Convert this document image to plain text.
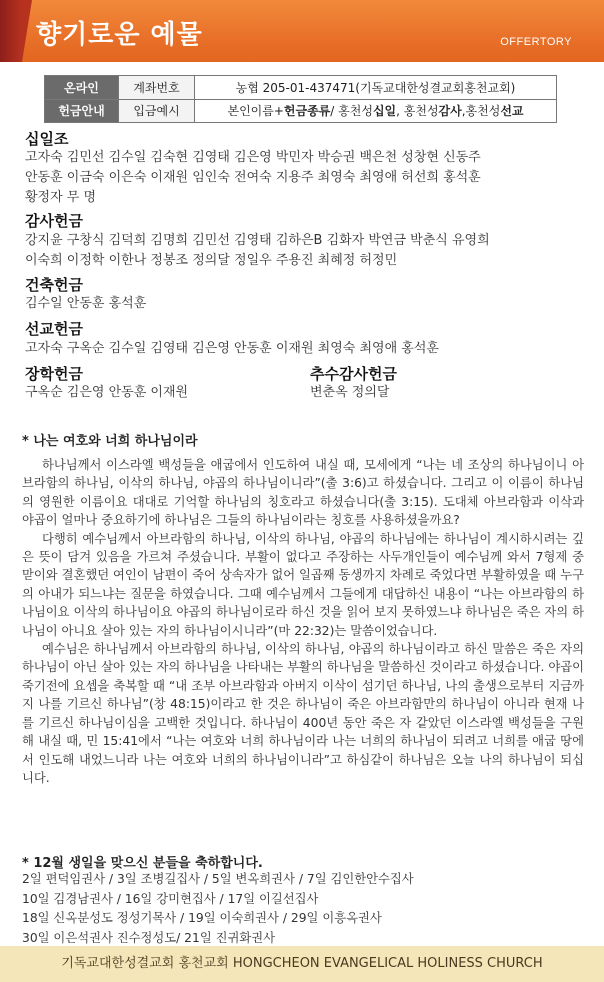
향기로운 예물	OFFERTORY
온라인	계좌번호	농협 205-01-437471(기독교대한성결교회홍천교회)
헌금안내	입금예시	본인이름+헌금종류/ 홍천성십일, 홍천성감사,홍천성선교
십일조
고자숙 김민선 김수일 김숙현 김영태 김은영 박민자 박승권 백은천 성창현 신동주
안동훈 이금숙 이은숙 이재원 임인숙 전여숙 지용주 최영숙 최영애 허선희 홍석훈
황정자 무 명
감사헌금
강지윤 구창식 김덕희 김명희 김민선 김영태 김하은B 김화자 박연금 박춘식 유영희
이숙희 이정학 이한나 정봉조 정의달 정일우 주용진 최혜정 허정민
건축헌금
김수일 안동훈 홍석훈
선교헌금
고자숙 구옥순 김수일 김영태 김은영 안동훈 이재원 최영숙 최영애 홍석훈
장학헌금
구옥순 김은영 안동훈 이재원
추수감사헌금
변춘옥 정의달
* 나는 여호와 너희 하나님이라

하나님께서 이스라엘 백성들을 애굽에서 인도하여 내실 때, 모세에게 “나는 네 조상의 하나님이니 아브라함의 하나님, 이삭의 하나님, 야곱의 하나님이니라”(출 3:6)고 하셨습니다. 그리고 이 이름이 하나님의 영원한 이름이요 대대로 기억할 하나님의 칭호라고 하셨습니다(출 3:15). 도대체 아브라함과 이삭과 야곱이 얼마나 중요하기에 하나님은 그들의 하나님이라는 칭호를 사용하셨을까요?

다행히 예수님께서 아브라함의 하나님, 이삭의 하나님, 야곱의 하나님에는 하나님이 계시하시려는 깊은 뜻이 담겨 있음을 가르쳐 주셨습니다. 부활이 없다고 주장하는 사두개인들이 예수님께 와서 7형제 중 맏이와 결혼했던 여인이 남편이 죽어 상속자가 없어 일곱째 동생까지 차례로 죽었다면 부활하였을 때 누구의 아내가 되느냐는 질문을 하였습니다. 그때 예수님께서 그들에게 대답하신 내용이 “나는 아브라함의 하나님이요 이삭의 하나님이요 야곱의 하나님이로라 하신 것을 읽어 보지 못하였느냐 하나님은 죽은 자의 하나님이 아니요 살아 있는 자의 하나님이시니라”(마 22:32)는 말씀이었습니다.

예수님은 하나님께서 아브라함의 하나님, 이삭의 하나님, 야곱의 하나님이라고 하신 말씀은 죽은 자의 하나님이 아닌 살아 있는 자의 하나님을 나타내는 부활의 하나님을 말씀하신 것이라고 하셨습니다. 야곱이 죽기전에 요셉을 축복할 때 “내 조부 아브라함과 아버지 이삭이 섬기던 하나님, 나의 출생으로부터 지금까지 나를 기르신 하나님”(창 48:15)이라고 한 것은 하나님이 죽은 아브라함만의 하나님이 아니라 현재 나를 기르신 하나님이심을 고백한 것입니다. 하나님이 400년 동안 죽은 자 같았던 이스라엘 백성들을 구원해 내실 때, 민 15:41에서 “나는 여호와 너희 하나님이라 나는 너희의 하나님이 되려고 너희를 애굽 땅에서 인도해 내었느니라 나는 여호와 너희의 하나님이니라”고 하심같이 하나님은 오늘 나의 하나님이 되십니다.

* 12월 생일을 맞으신 분들을 축하합니다.
2일 편덕임권사 / 3일 조병길집사 / 5일 변옥희권사 / 7일 김인한안수집사
10일 김경남권사 / 16일 강미현집사 / 17일 이길선집사
18일 신옥분성도 정성기목사 / 19일 이숙희권사 / 29일 이흥옥권사
30일 이은석권사 진수정성도/ 21일 진귀화권사
기독교대한성결교회 홍천교회 HONGCHEON EVANGELICAL HOLINESS CHURCH
